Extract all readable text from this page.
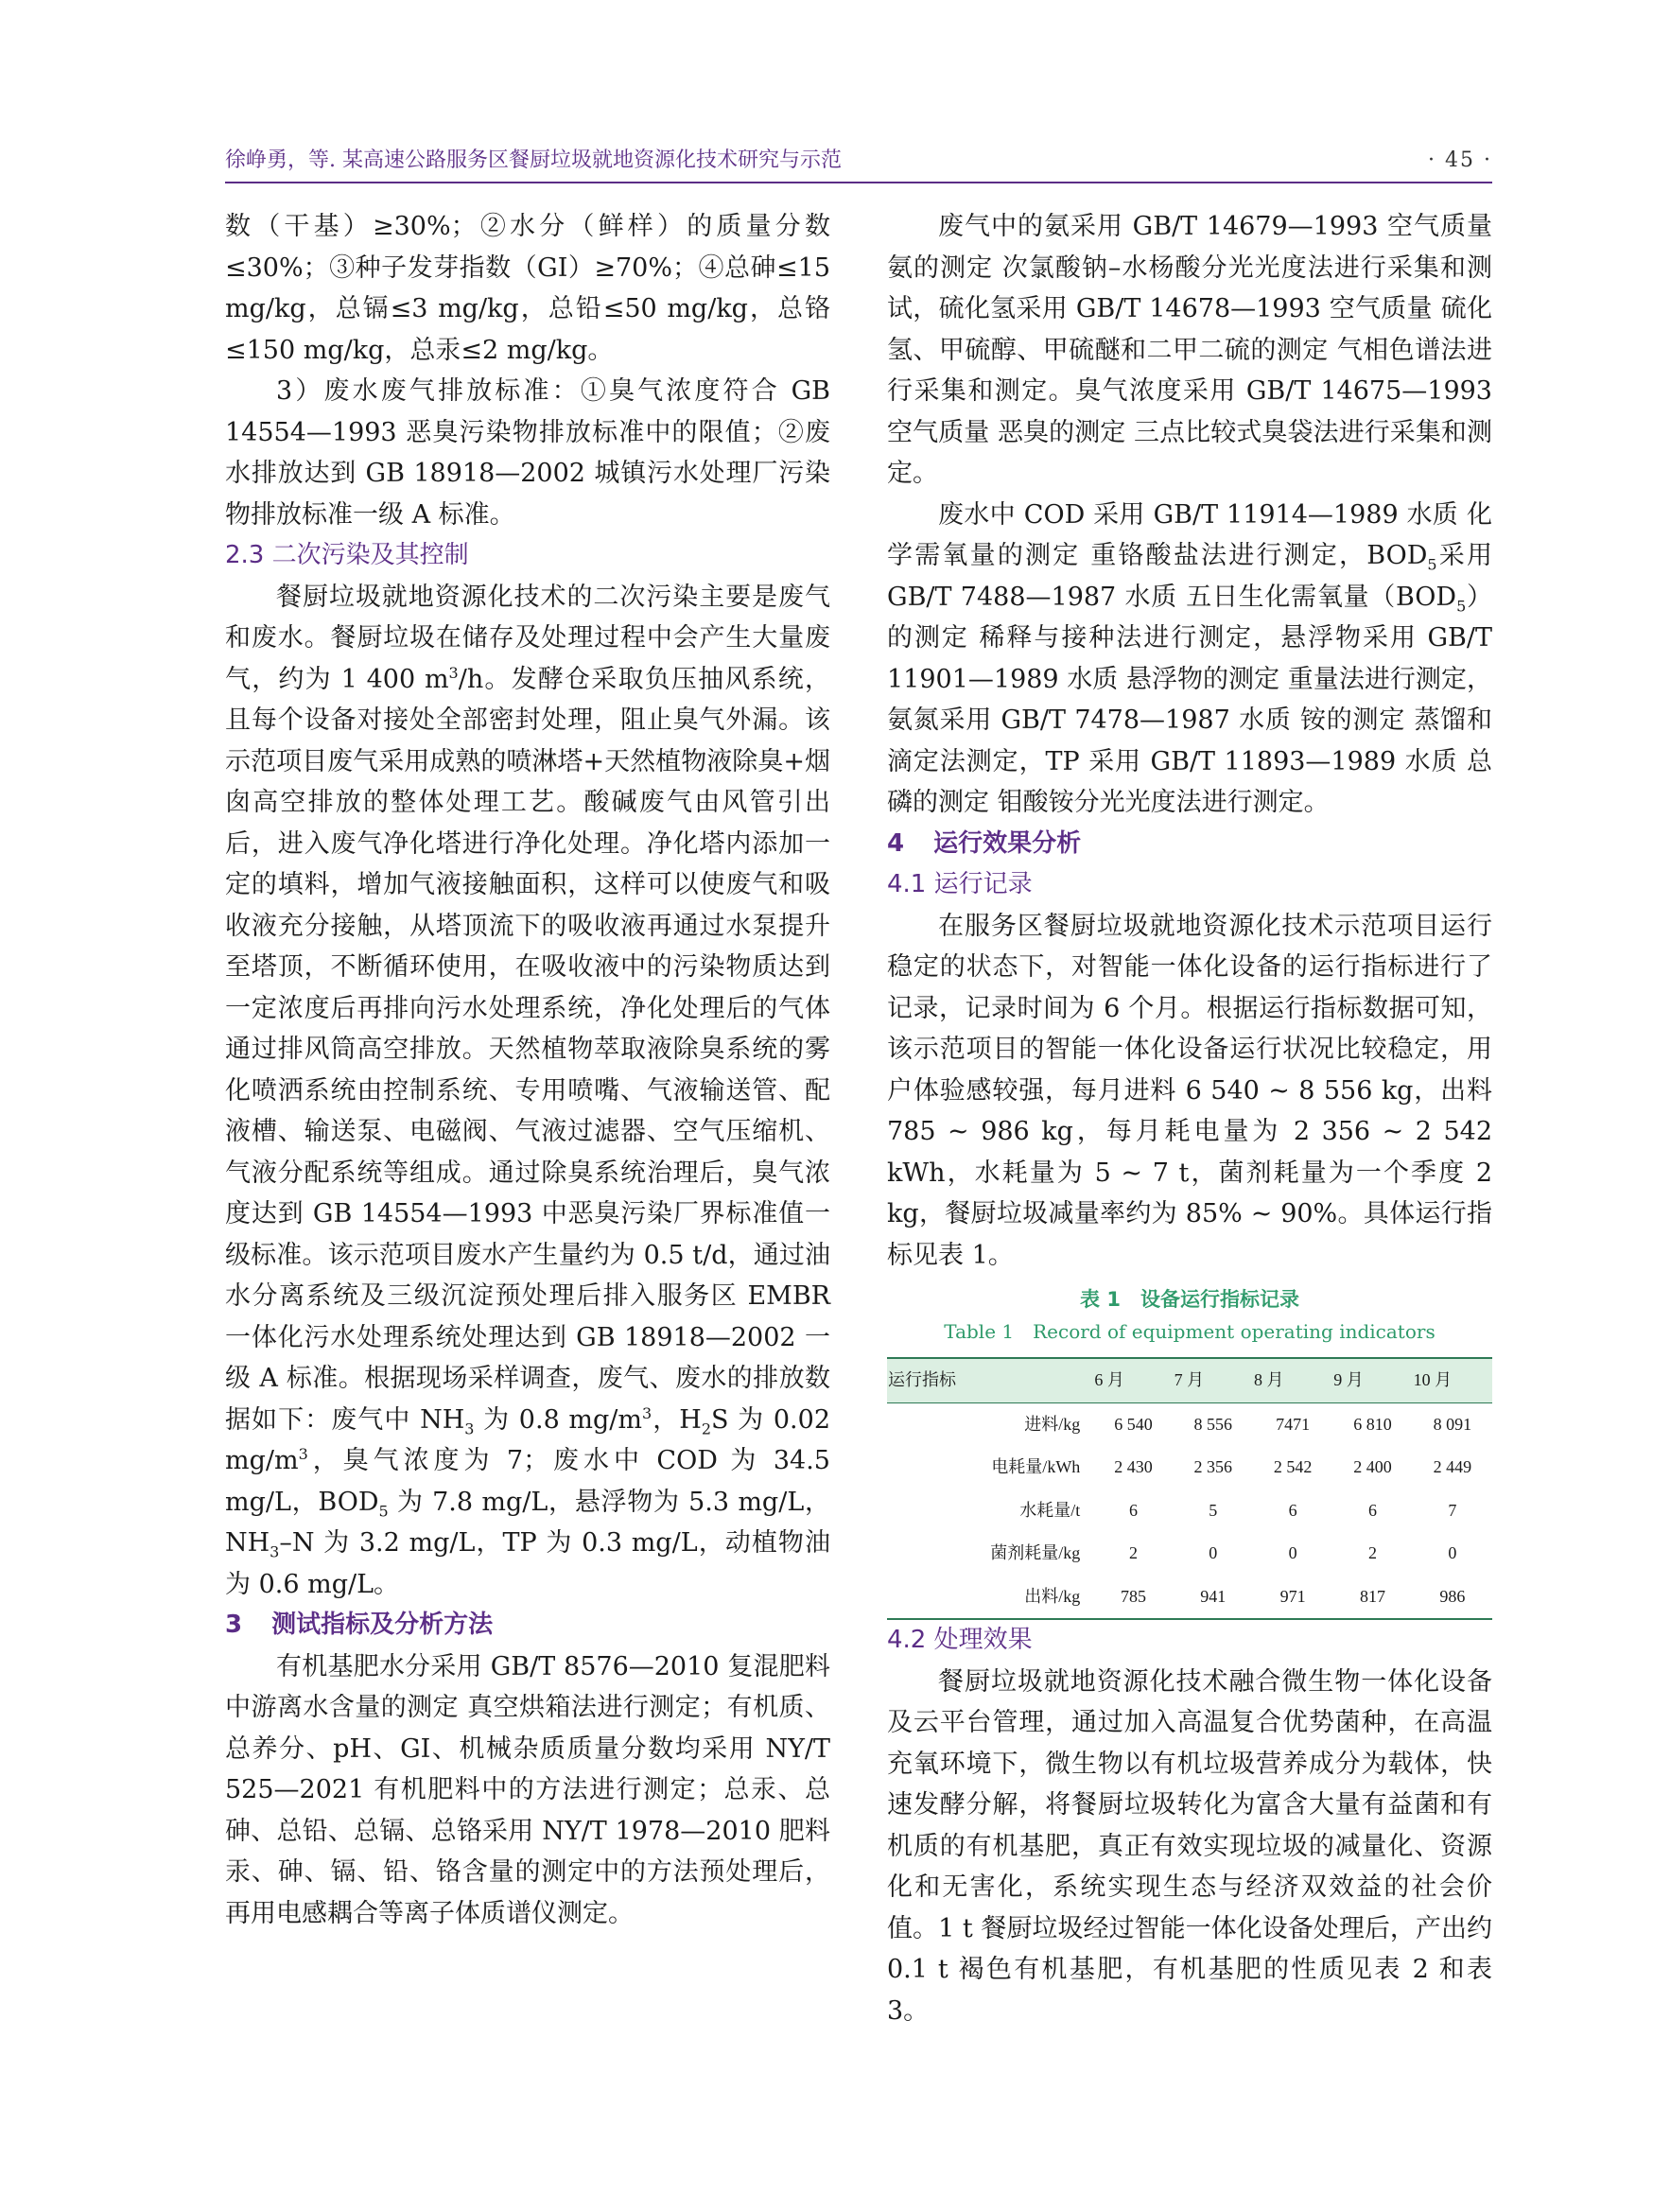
徐峥勇，等. 某高速公路服务区餐厨垃圾就地资源化技术研究与示范	· 45 ·

数（干基）≥30%；②水分（鲜样）的质量分数≤30%；③种子发芽指数（GI）≥70%；④总砷≤15 mg/kg，总镉≤3 mg/kg，总铅≤50 mg/kg，总铬≤150 mg/kg，总汞≤2 mg/kg。

3）废水废气排放标准：①臭气浓度符合 GB 14554—1993 恶臭污染物排放标准中的限值；②废水排放达到 GB 18918—2002 城镇污水处理厂污染物排放标准一级 A 标准。

2.3 二次污染及其控制

餐厨垃圾就地资源化技术的二次污染主要是废气和废水。餐厨垃圾在储存及处理过程中会产生大量废气，约为 1 400 $m^3/h$。发酵仓采取负压抽风系统，且每个设备对接处全部密封处理，阻止臭气外漏。该示范项目废气采用成熟的喷淋塔+天然植物液除臭+烟囱高空排放的整体处理工艺。酸碱废气由风管引出后，进入废气净化塔进行净化处理。净化塔内添加一定的填料，增加气液接触面积，这样可以使废气和吸收液充分接触，从塔顶流下的吸收液再通过水泵提升至塔顶，不断循环使用，在吸收液中的污染物质达到一定浓度后再排向污水处理系统，净化处理后的气体通过排风筒高空排放。天然植物萃取液除臭系统的雾化喷洒系统由控制系统、专用喷嘴、气液输送管、配液槽、输送泵、电磁阀、气液过滤器、空气压缩机、气液分配系统等组成。通过除臭系统治理后，臭气浓度达到 GB 14554—1993 中恶臭污染厂界标准值一级标准。该示范项目废水产生量约为 0.5 t/d，通过油水分离系统及三级沉淀预处理后排入服务区 EMBR 一体化污水处理系统处理达到 GB 18918—2002 一级 A 标准。根据现场采样调查，废气、废水的排放数据如下：废气中 $NH_3$ 为 0.8 $mg/m^3$，$H_2S$ 为 0.02 $mg/m^3$，臭气浓度为 7；废水中 COD 为 34.5 mg/L，$BOD_5$ 为 7.8 mg/L，悬浮物为 5.3 mg/L，$NH_3-N$ 为 3.2 mg/L，TP 为 0.3 mg/L，动植物油为 0.6 mg/L。

3 测试指标及分析方法

有机基肥水分采用 GB/T 8576—2010 复混肥料中游离水含量的测定 真空烘箱法进行测定；有机质、总养分、pH、GI、机械杂质质量分数均采用 NY/T 525—2021 有机肥料中的方法进行测定；总汞、总砷、总铅、总镉、总铬采用 NY/T 1978—2010 肥料 汞、砷、镉、铅、铬含量的测定中的方法预处理后，再用电感耦合等离子体质谱仪测定。

废气中的氨采用 GB/T 14679—1993 空气质量 氨的测定 次氯酸钠–水杨酸分光光度法进行采集和测试，硫化氢采用 GB/T 14678—1993 空气质量 硫化氢、甲硫醇、甲硫醚和二甲二硫的测定 气相色谱法进行采集和测定。臭气浓度采用 GB/T 14675—1993 空气质量 恶臭的测定 三点比较式臭袋法进行采集和测定。

废水中 COD 采用 GB/T 11914—1989 水质 化学需氧量的测定 重铬酸盐法进行测定，$BOD_5$采用 GB/T 7488—1987 水质 五日生化需氧量$(BOD_5)$的测定 稀释与接种法进行测定，悬浮物采用 GB/T 11901—1989 水质 悬浮物的测定 重量法进行测定，氨氮采用 GB/T 7478—1987 水质 铵的测定 蒸馏和滴定法测定，TP 采用 GB/T 11893—1989 水质 总磷的测定 钼酸铵分光光度法进行测定。

4 运行效果分析
4.1 运行记录

在服务区餐厨垃圾就地资源化技术示范项目运行稳定的状态下，对智能一体化设备的运行指标进行了记录，记录时间为 6 个月。根据运行指标数据可知，该示范项目的智能一体化设备运行状况比较稳定，用户体验感较强，每月进料 6 540 ~ 8 556 kg，出料 785 ~ 986 kg，每月耗电量为 2 356 ~ 2 542 kWh，水耗量为 5 ~ 7 t，菌剂耗量为一个季度 2 kg，餐厨垃圾减量率约为 85% ~ 90%。具体运行指标见表 1。

表 1　设备运行指标记录
Table 1　Record of equipment operating indicators
运行指标	6 月	7 月	8 月	9 月	10 月
进料/kg	6 540	8 556	7471	6 810	8 091
电耗量/kWh	2 430	2 356	2 542	2 400	2 449
水耗量/t	6	5	6	6	7
菌剂耗量/kg	2	0	0	2	0
出料/kg	785	941	971	817	986
4.2 处理效果

餐厨垃圾就地资源化技术融合微生物一体化设备及云平台管理，通过加入高温复合优势菌种，在高温充氧环境下，微生物以有机垃圾营养成分为载体，快速发酵分解，将餐厨垃圾转化为富含大量有益菌和有机质的有机基肥，真正有效实现垃圾的减量化、资源化和无害化，系统实现生态与经济双效益的社会价值。1 t 餐厨垃圾经过智能一体化设备处理后，产出约 0.1 t 褐色有机基肥，有机基肥的性质见表 2 和表 3。
